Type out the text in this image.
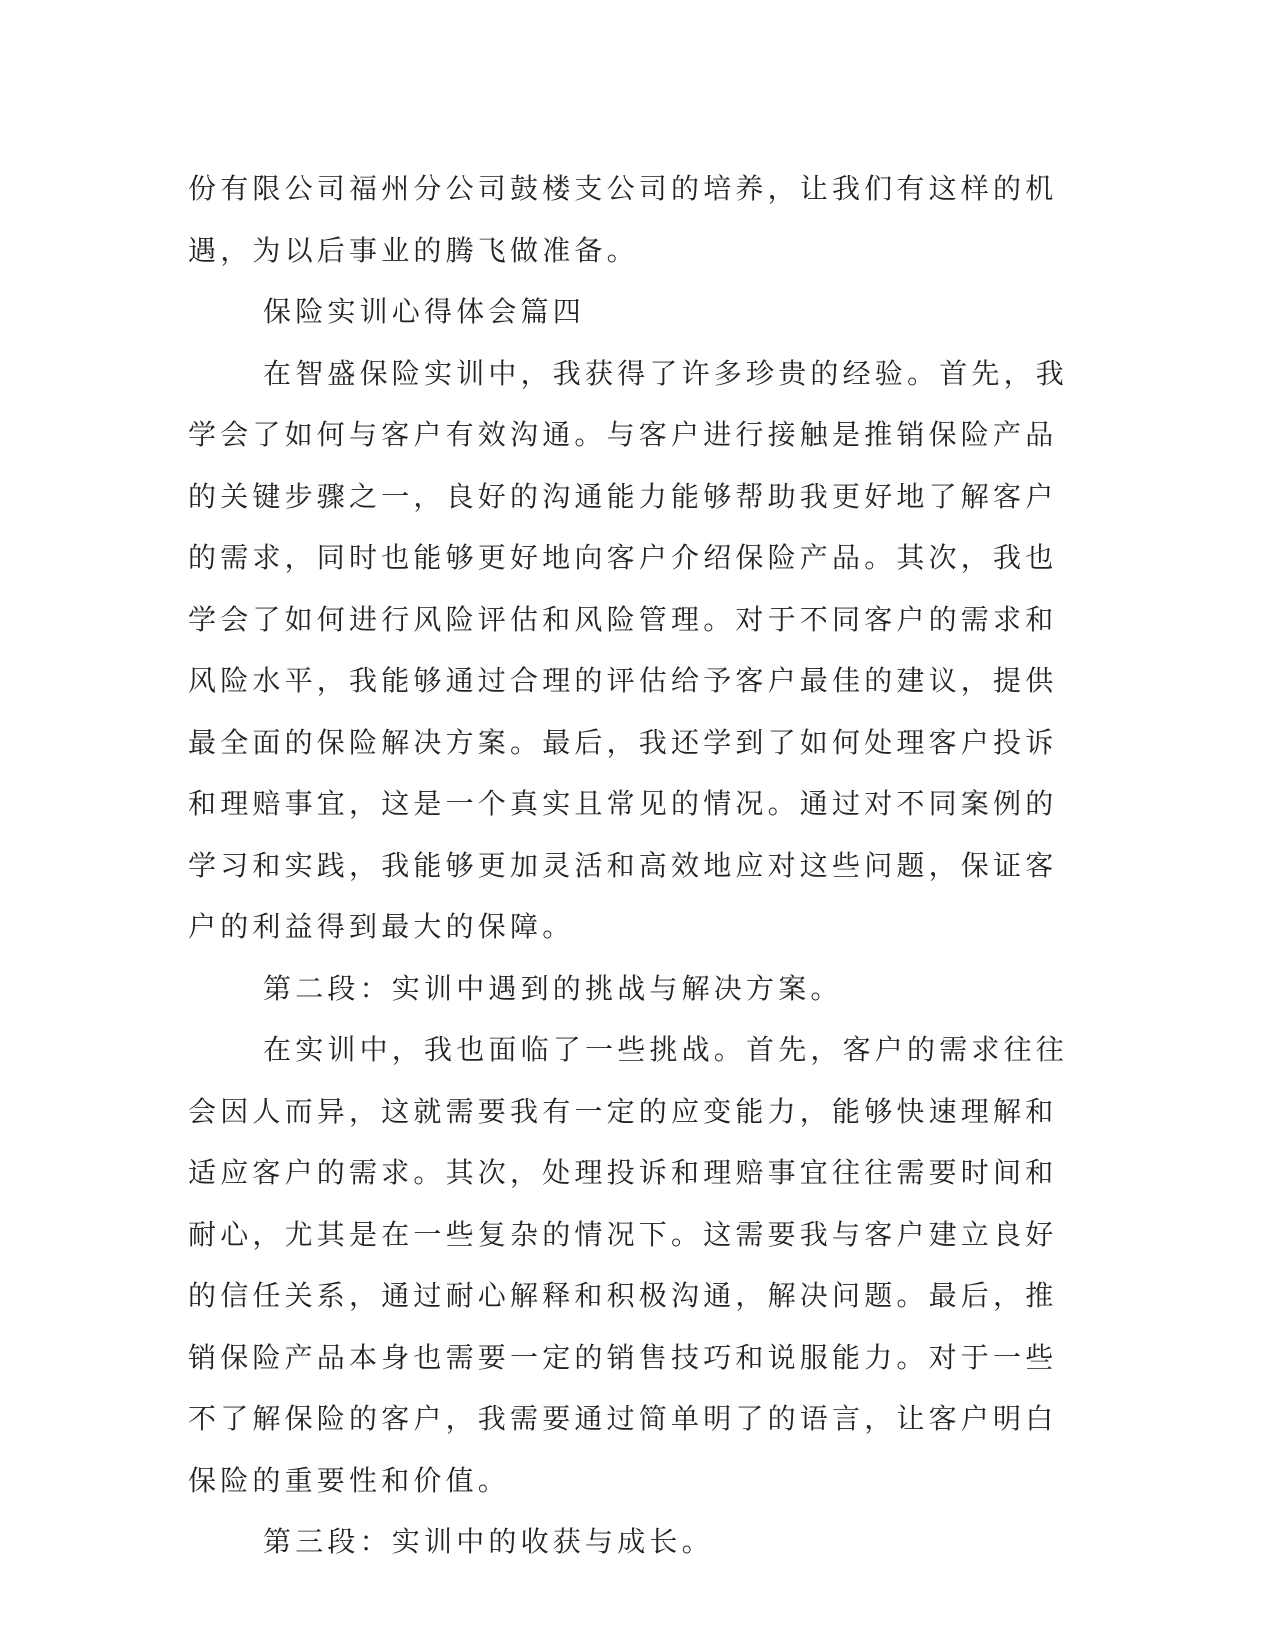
份有限公司福州分公司鼓楼支公司的培养，让我们有这样的机遇，为以后事业的腾飞做准备。

保险实训心得体会篇四

在智盛保险实训中，我获得了许多珍贵的经验。首先，我学会了如何与客户有效沟通。与客户进行接触是推销保险产品的关键步骤之一，良好的沟通能力能够帮助我更好地了解客户的需求，同时也能够更好地向客户介绍保险产品。其次，我也学会了如何进行风险评估和风险管理。对于不同客户的需求和风险水平，我能够通过合理的评估给予客户最佳的建议，提供最全面的保险解决方案。最后，我还学到了如何处理客户投诉和理赔事宜，这是一个真实且常见的情况。通过对不同案例的学习和实践，我能够更加灵活和高效地应对这些问题，保证客户的利益得到最大的保障。

第二段：实训中遇到的挑战与解决方案。

在实训中，我也面临了一些挑战。首先，客户的需求往往会因人而异，这就需要我有一定的应变能力，能够快速理解和适应客户的需求。其次，处理投诉和理赔事宜往往需要时间和耐心，尤其是在一些复杂的情况下。这需要我与客户建立良好的信任关系，通过耐心解释和积极沟通，解决问题。最后，推销保险产品本身也需要一定的销售技巧和说服能力。对于一些不了解保险的客户，我需要通过简单明了的语言，让客户明白保险的重要性和价值。

第三段：实训中的收获与成长。
